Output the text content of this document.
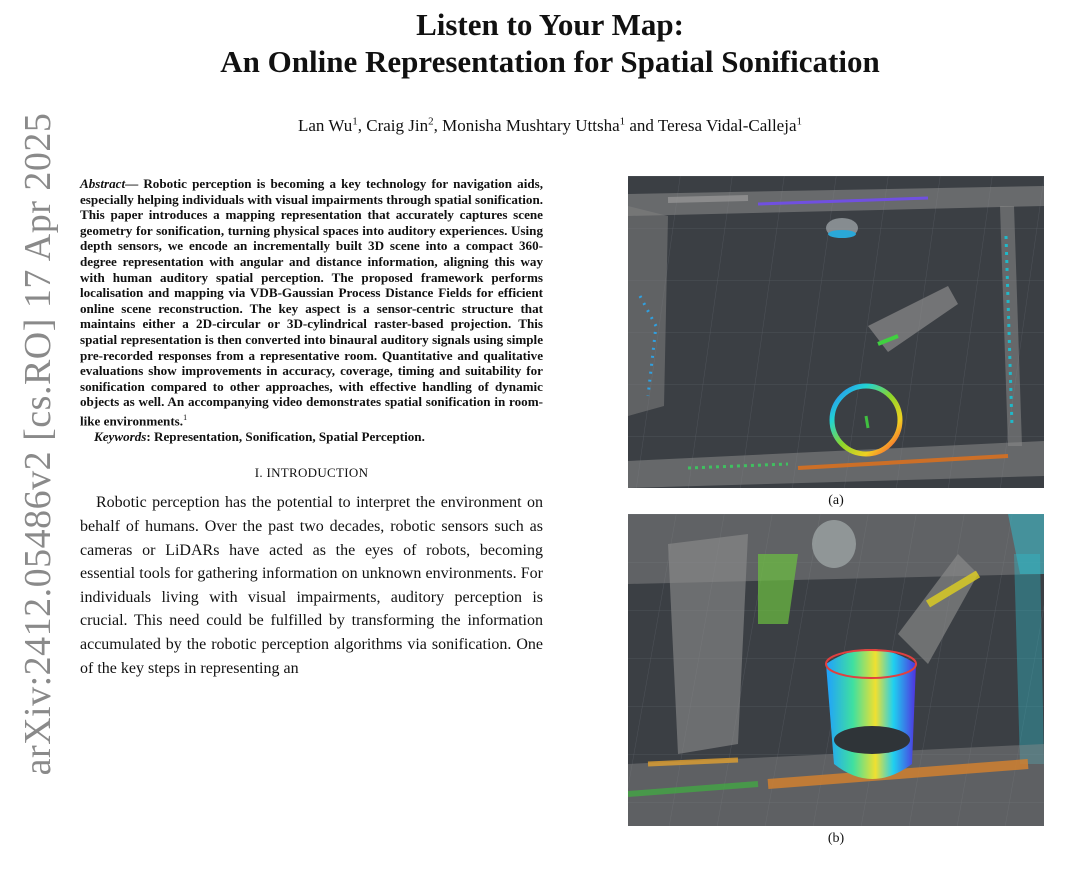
arXiv:2412.05486v2 [cs.RO] 17 Apr 2025
Listen to Your Map:
An Online Representation for Spatial Sonification
Lan Wu$^1$, Craig Jin$^2$, Monisha Mushtary Uttsha$^1$ and Teresa Vidal-Calleja$^1$
Abstract— Robotic perception is becoming a key technology for navigation aids, especially helping individuals with visual impairments through spatial sonification. This paper introduces a mapping representation that accurately captures scene geometry for sonification, turning physical spaces into auditory experiences. Using depth sensors, we encode an incrementally built 3D scene into a compact 360-degree representation with angular and distance information, aligning this way with human auditory spatial perception. The proposed framework performs localisation and mapping via VDB-Gaussian Process Distance Fields for efficient online scene reconstruction. The key aspect is a sensor-centric structure that maintains either a 2D-circular or 3D-cylindrical raster-based projection. This spatial representation is then converted into binaural auditory signals using simple pre-recorded responses from a representative room. Quantitative and qualitative evaluations show improvements in accuracy, coverage, timing and suitability for sonification compared to other approaches, with effective handling of dynamic objects as well. An accompanying video demonstrates spatial sonification in room-like environments.$^1$
Keywords: Representation, Sonification, Spatial Perception.
I. INTRODUCTION

Robotic perception has the potential to interpret the environment on behalf of humans. Over the past two decades, robotic sensors such as cameras or LiDARs have acted as the eyes of robots, becoming essential tools for gathering information on unknown environments. For individuals living with visual impairments, auditory perception is crucial. This need could be fulfilled by transforming the information accumulated by the robotic perception algorithms via sonification. One of the key steps in representing an

(a)
(b)
